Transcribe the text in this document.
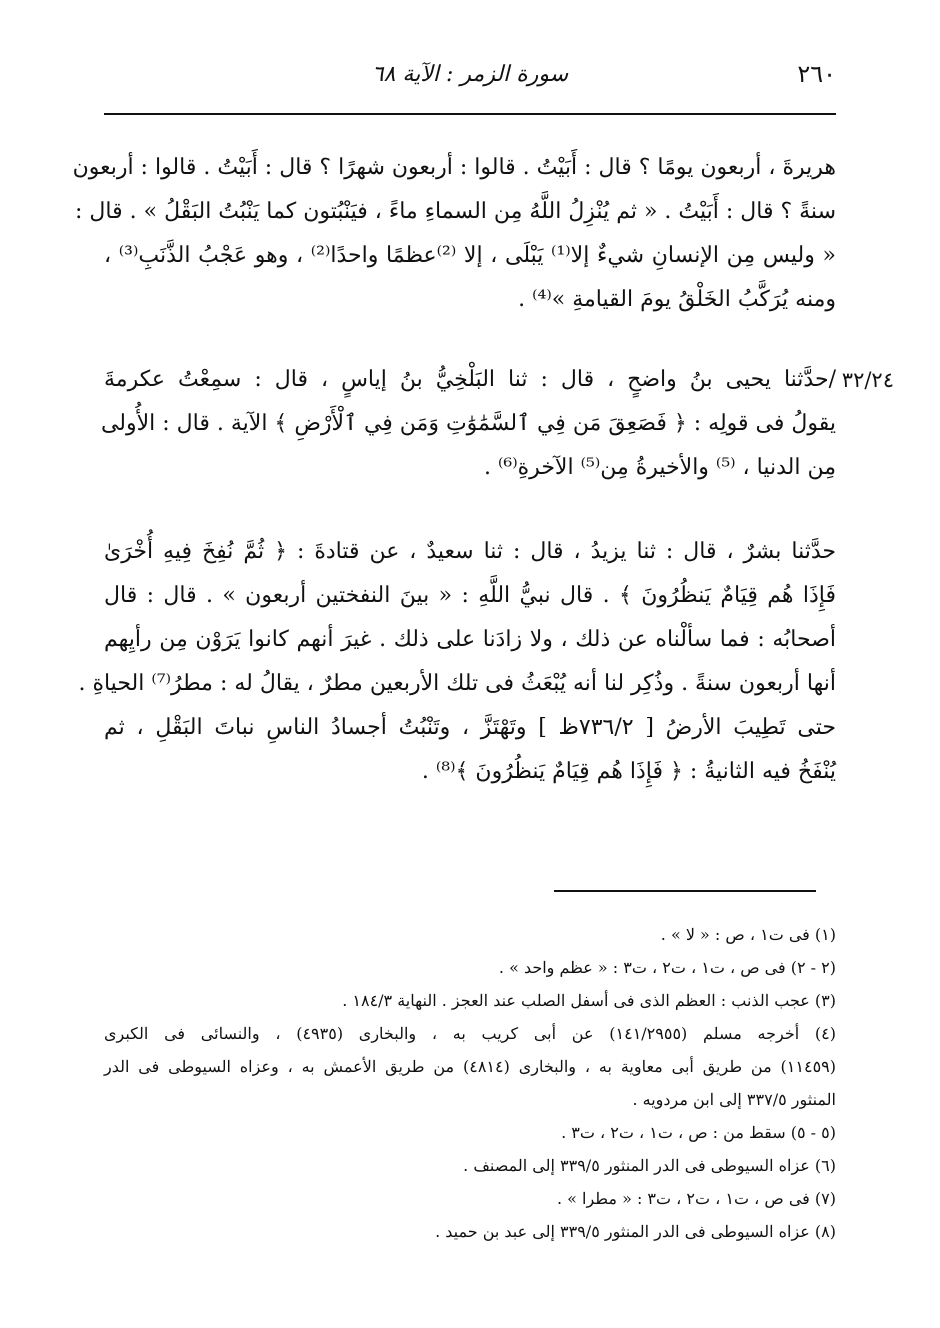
٢٦٠
سورة الزمر : الآية ٦٨
هريرةَ ، أربعون يومًا ؟ قال : أَبَيْتُ . قالوا : أربعون شهرًا ؟ قال : أَبَيْتُ . قالوا : أربعون
سنةً ؟ قال : أَبَيْتُ . « ثم يُنْزِلُ اللَّهُ مِن السماءِ ماءً ، فيَنْبُتون كما يَنْبُتُ البَقْلُ » . قال :
« وليس مِن الإنسانِ شيءٌ إلا⁽¹⁾ يَبْلَى ، إلا ⁽²⁾عظمًا واحدًا⁽²⁾ ، وهو عَجْبُ الذَّنَبِ⁽³⁾ ،
ومنه يُرَكَّبُ الخَلْقُ يومَ القيامةِ »⁽⁴⁾ .
٣٢/٢٤
/حدَّثنا يحيى بنُ واضحٍ ، قال : ثنا البَلْخِيُّ بنُ إياسٍ ، قال : سمِعْتُ عكرمةَ
يقولُ فى قولِه : ﴿ فَصَعِقَ مَن فِي ٱلسَّمَٰوَٰتِ وَمَن فِي ٱلْأَرْضِ ﴾ الآية . قال : الأُولى
مِن الدنيا ، ⁽⁵⁾ والأخيرةُ مِن⁽⁵⁾ الآخرةِ⁽⁶⁾ .
حدَّثنا بشرٌ ، قال : ثنا يزيدُ ، قال : ثنا سعيدٌ ، عن قتادةَ : ﴿ ثُمَّ نُفِخَ فِيهِ أُخْرَىٰ
فَإِذَا هُم قِيَامٌ يَنظُرُونَ ﴾ . قال نبيُّ اللَّهِ : « بينَ النفختين أربعون » . قال : قال
أصحابُه : فما سألْناه عن ذلك ، ولا زادَنا على ذلك . غيرَ أنهم كانوا يَرَوْن مِن رأيِهم
أنها أربعون سنةً . وذُكِر لنا أنه يُبْعَثُ فى تلك الأربعين مطرٌ ، يقالُ له : مطرُ⁽⁷⁾ الحياةِ .
حتى تَطِيبَ الأرضُ [ ٧٣٦/٢ظ ] وتَهْتَزَّ ، وتَنْبُتُ أجسادُ الناسِ نباتَ البَقْلِ ، ثم
يُنْفَخُ فيه الثانيةُ : ﴿ فَإِذَا هُم قِيَامٌ يَنظُرُونَ ﴾⁽⁸⁾ .
(١) فى ت١ ، ص : « لا » .
(٢ - ٢) فى ص ، ت١ ، ت٢ ، ت٣ : « عظم واحد » .
(٣) عجب الذنب : العظم الذى فى أسفل الصلب عند العجز . النهاية ١٨٤/٣ .
(٤) أخرجه مسلم (١٤١/٢٩٥٥) عن أبى كريب به ، والبخارى (٤٩٣٥) ، والنسائى فى الكبرى
(١١٤٥٩) من طريق أبى معاوية به ، والبخارى (٤٨١٤) من طريق الأعمش به ، وعزاه السيوطى فى الدر
المنثور ٣٣٧/٥ إلى ابن مردويه .
(٥ - ٥) سقط من : ص ، ت١ ، ت٢ ، ت٣ .
(٦) عزاه السيوطى فى الدر المنثور ٣٣٩/٥ إلى المصنف .
(٧) فى ص ، ت١ ، ت٢ ، ت٣ : « مطرا » .
(٨) عزاه السيوطى فى الدر المنثور ٣٣٩/٥ إلى عبد بن حميد .
